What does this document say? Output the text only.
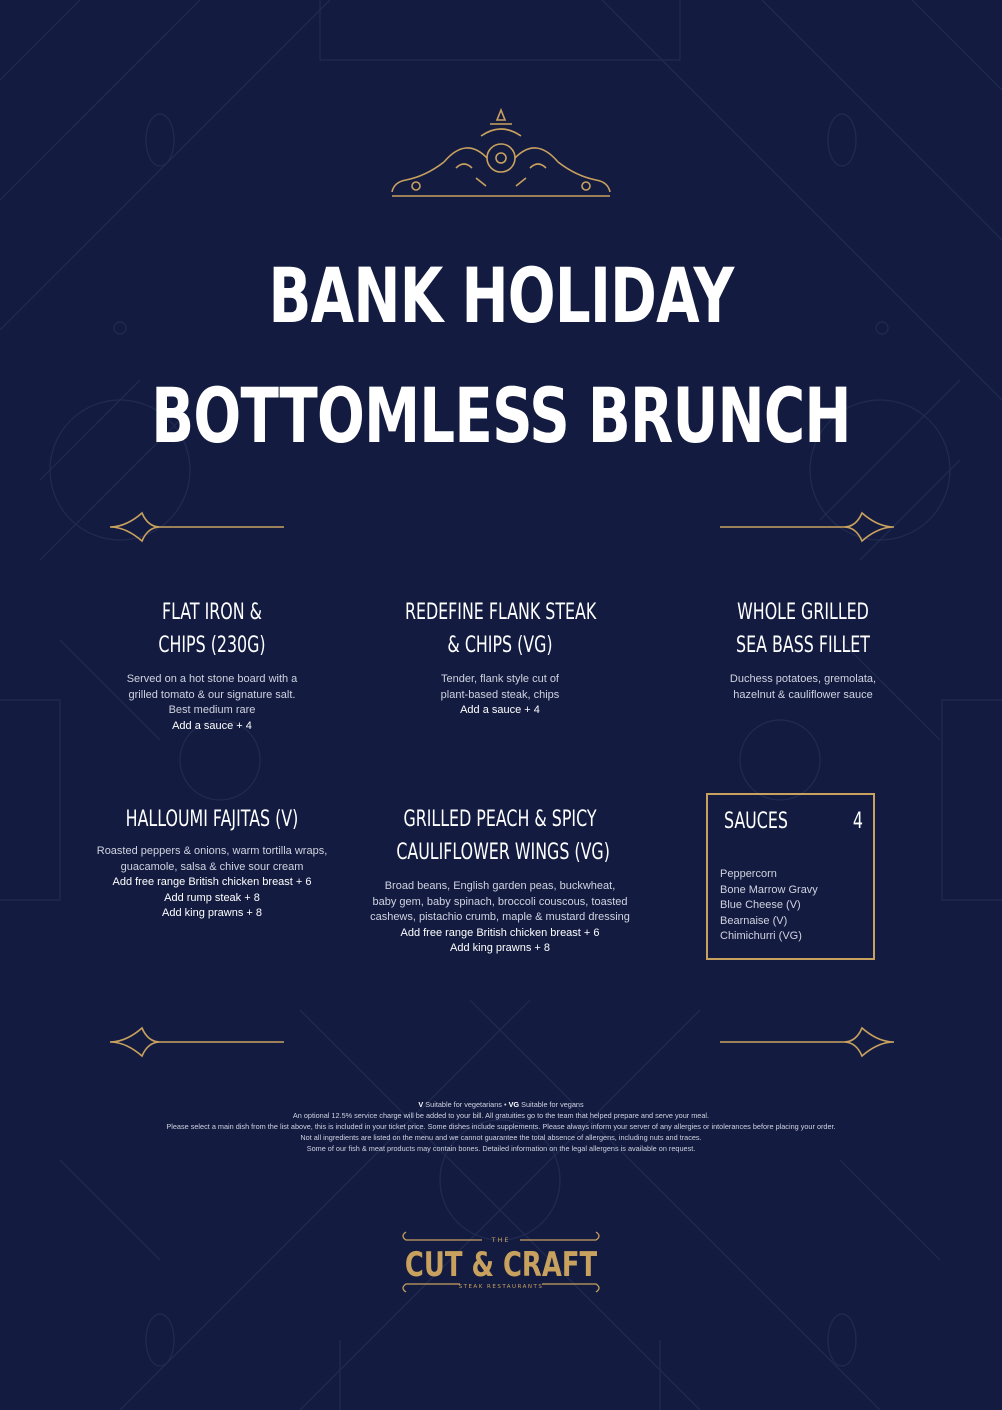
BANK HOLIDAY
BOTTOMLESS BRUNCH
FLAT IRON &
CHIPS (230G)
Served on a hot stone board with a
grilled tomato & our signature salt.
Best medium rare
Add a sauce + 4
REDEFINE FLANK STEAK
& CHIPS (VG)
Tender, flank style cut of
plant-based steak, chips
Add a sauce + 4
WHOLE GRILLED
SEA BASS FILLET
Duchess potatoes, gremolata,
hazelnut & cauliflower sauce
HALLOUMI FAJITAS (V)
Roasted peppers & onions, warm tortilla wraps,
guacamole, salsa & chive sour cream
Add free range British chicken breast + 6
Add rump steak + 8
Add king prawns + 8
GRILLED PEACH & SPICY
CAULIFLOWER WINGS (VG)
Broad beans, English garden peas, buckwheat,
baby gem, baby spinach, broccoli couscous, toasted
cashews, pistachio crumb, maple & mustard dressing
Add free range British chicken breast + 6
Add king prawns + 8
SAUCES	4
Peppercorn
Bone Marrow Gravy
Blue Cheese (V)
Bearnaise (V)
Chimichurri (VG)
V Suitable for vegetarians • VG Suitable for vegans
An optional 12.5% service charge will be added to your bill. All gratuities go to the team that helped prepare and serve your meal.
Please select a main dish from the list above, this is included in your ticket price. Some dishes include supplements. Please always inform your server of any allergies or intolerances before placing your order.
Not all ingredients are listed on the menu and we cannot guarantee the total absence of allergens, including nuts and traces.
Some of our fish & meat products may contain bones. Detailed information on the legal allergens is available on request.
THE
CUT & CRAFT
STEAK RESTAURANTS
